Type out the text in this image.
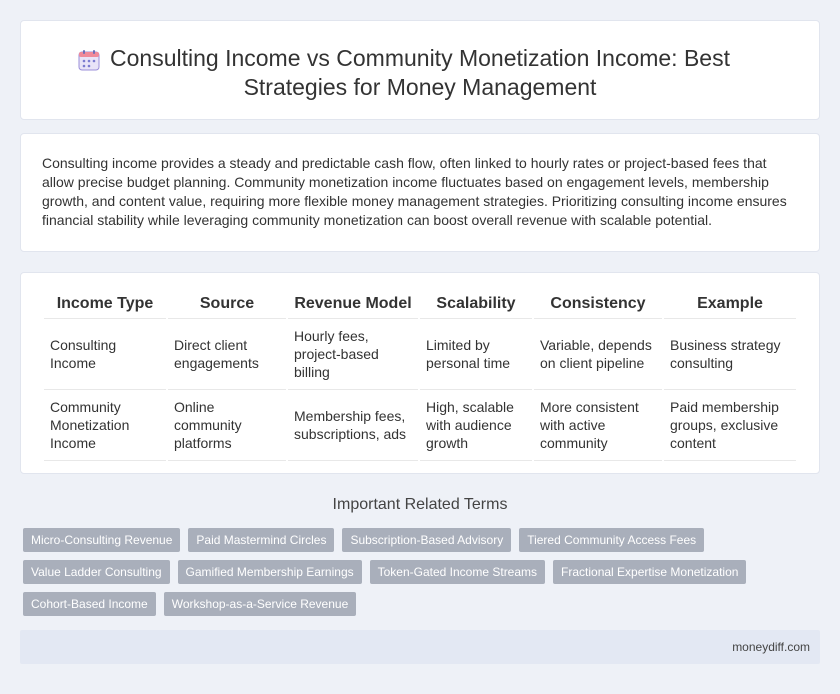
Consulting Income vs Community Monetization Income: Best Strategies for Money Management

Consulting income provides a steady and predictable cash flow, often linked to hourly rates or project-based fees that allow precise budget planning. Community monetization income fluctuates based on engagement levels, membership growth, and content value, requiring more flexible money management strategies. Prioritizing consulting income ensures financial stability while leveraging community monetization can boost overall revenue with scalable potential.

Income Type	Source	Revenue Model	Scalability	Consistency	Example
Consulting Income	Direct client engagements	Hourly fees, project-based billing	Limited by personal time	Variable, depends on client pipeline	Business strategy consulting
Community Monetization Income	Online community platforms	Membership fees, subscriptions, ads	High, scalable with audience growth	More consistent with active community	Paid membership groups, exclusive content
Important Related Terms
Micro-Consulting Revenue	Paid Mastermind Circles	Subscription-Based Advisory	Tiered Community Access Fees
Value Ladder Consulting	Gamified Membership Earnings	Token-Gated Income Streams	Fractional Expertise Monetization
Cohort-Based Income	Workshop-as-a-Service Revenue
moneydiff.com
